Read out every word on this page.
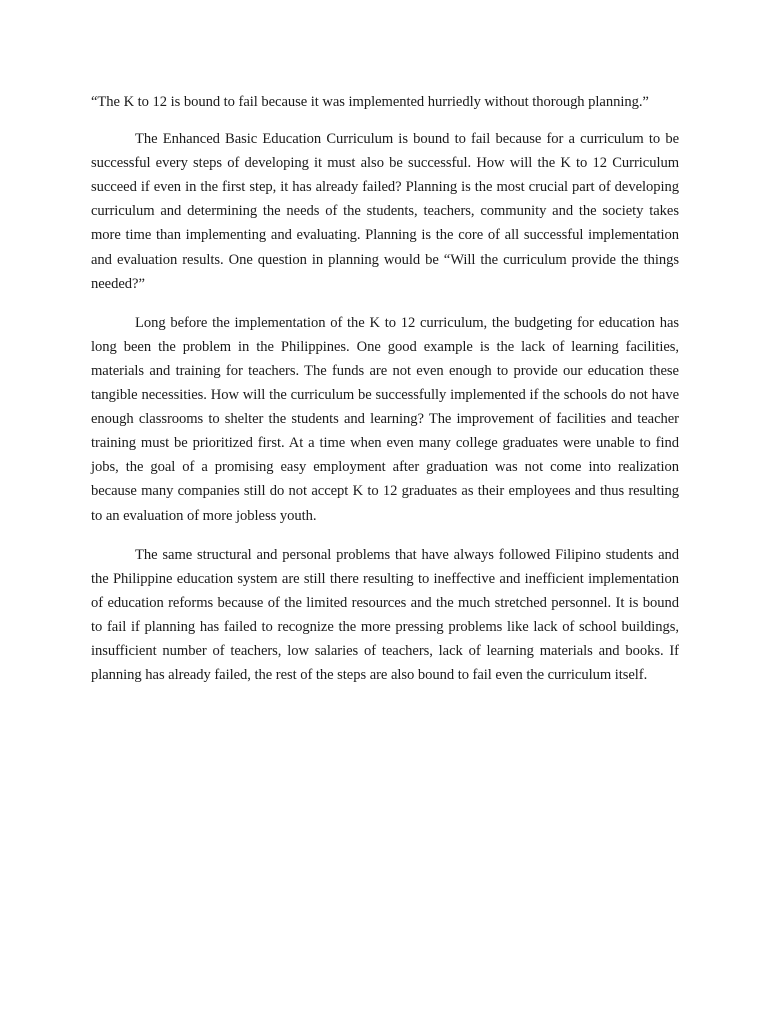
“The K to 12 is bound to fail because it was implemented hurriedly without thorough planning.”

The Enhanced Basic Education Curriculum is bound to fail because for a curriculum to be successful every steps of developing it must also be successful. How will the K to 12 Curriculum succeed if even in the first step, it has already failed? Planning is the most crucial part of developing curriculum and determining the needs of the students, teachers, community and the society takes more time than implementing and evaluating. Planning is the core of all successful implementation and evaluation results. One question in planning would be “Will the curriculum provide the things needed?”

Long before the implementation of the K to 12 curriculum, the budgeting for education has long been the problem in the Philippines. One good example is the lack of learning facilities, materials and training for teachers. The funds are not even enough to provide our education these tangible necessities. How will the curriculum be successfully implemented if the schools do not have enough classrooms to shelter the students and learning? The improvement of facilities and teacher training must be prioritized first. At a time when even many college graduates were unable to find jobs, the goal of a promising easy employment after graduation was not come into realization because many companies still do not accept K to 12 graduates as their employees and thus resulting to an evaluation of more jobless youth.

The same structural and personal problems that have always followed Filipino students and the Philippine education system are still there resulting to ineffective and inefficient implementation of education reforms because of the limited resources and the much stretched personnel. It is bound to fail if planning has failed to recognize the more pressing problems like lack of school buildings, insufficient number of teachers, low salaries of teachers, lack of learning materials and books. If planning has already failed, the rest of the steps are also bound to fail even the curriculum itself.
